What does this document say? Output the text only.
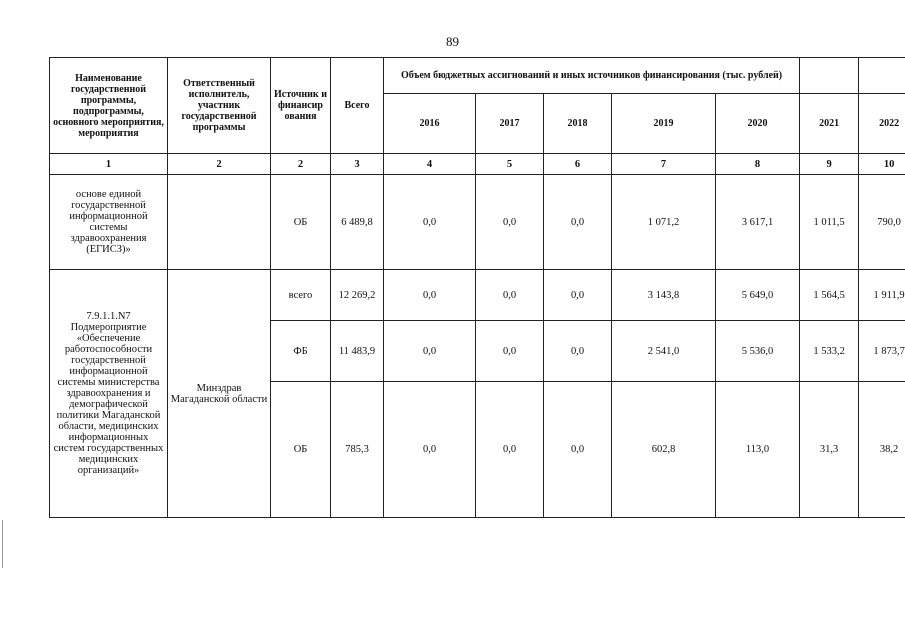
89
Наименование государственной программы, подпрограммы, основного мероприятия, мероприятия	Ответственный исполнитель, участник государственной программы	Источник и финансир ования	Всего	Объем бюджетных ассигнований и иных источников финансирования (тыс. рублей)						
				2016	2017	2018	2019	2020	2021	2022
1	2	2	3	4	5	6	7	8	9	10
основе единой государственной информационной системы здравоохранения (ЕГИСЗ)»		ОБ	6 489,8	0,0	0,0	0,0	1 071,2	3 617,1	1 011,5	790,0
7.9.1.1.N7 Подмероприятие «Обеспечение работоспособности государственной информационной системы министерства здравоохранения и демографической политики Магаданской области, медицинских информационных систем государственных медицинских организаций»	Минздрав Магаданской области	всего	12 269,2	0,0	0,0	0,0	3 143,8	5 649,0	1 564,5	1 911,9
		ФБ	11 483,9	0,0	0,0	0,0	2 541,0	5 536,0	1 533,2	1 873,7
		ОБ	785,3	0,0	0,0	0,0	602,8	113,0	31,3	38,2
